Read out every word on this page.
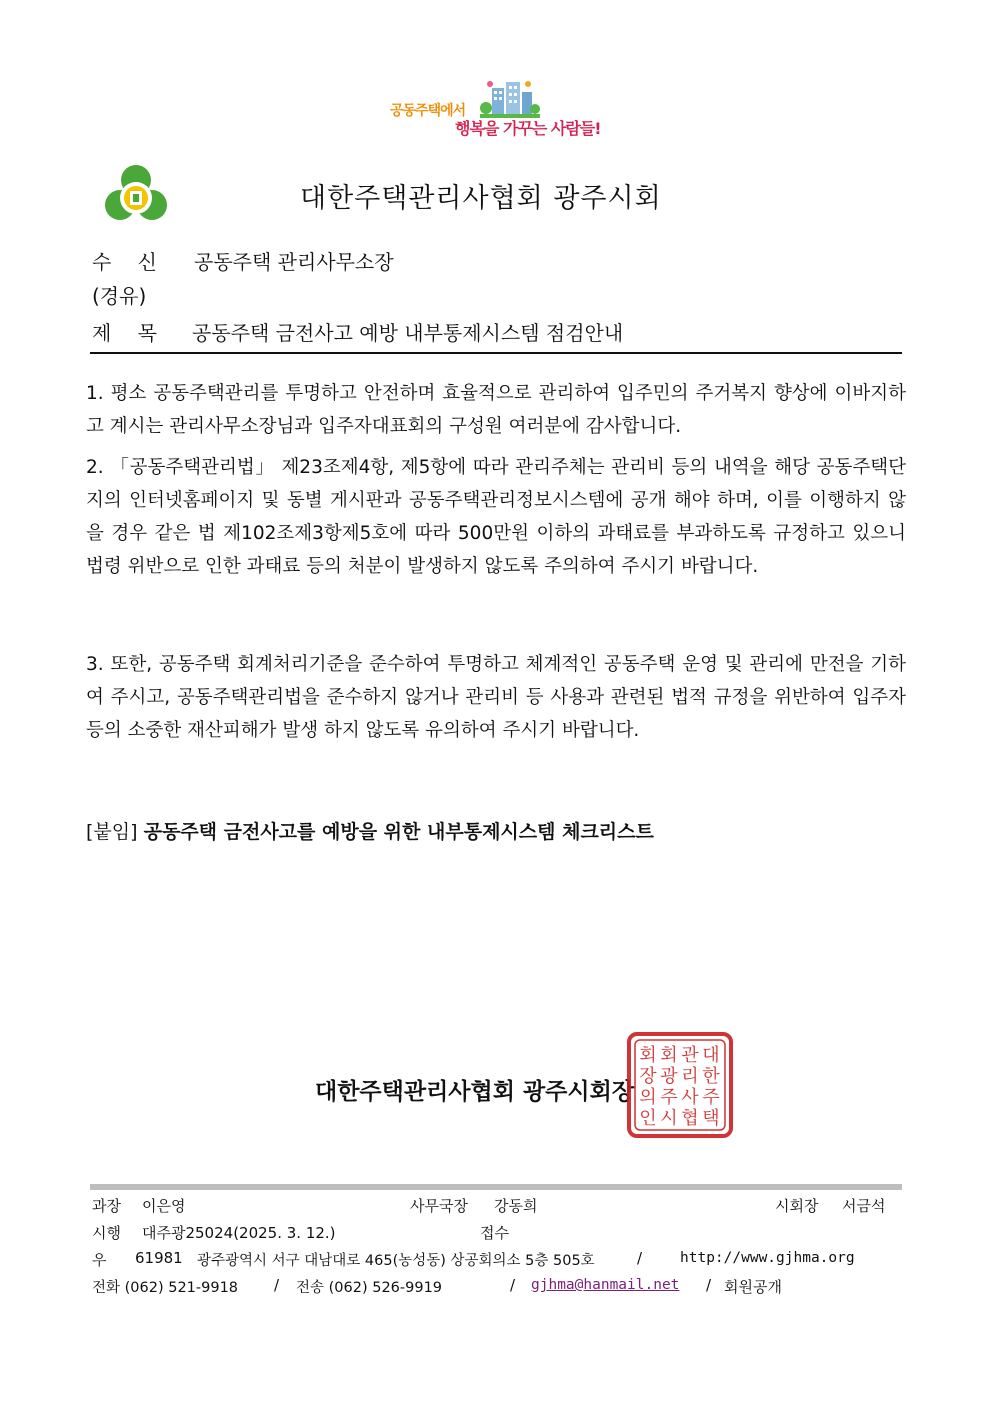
공동주택에서
행복을 가꾸는 사람들!
대한주택관리사협회 광주시회
수 신 공동주택 관리사무소장
(경유)
제 목 공동주택 금전사고 예방 내부통제시스템 점검안내
1. 평소 공동주택관리를 투명하고 안전하며 효율적으로 관리하여 입주민의 주거복지 향상에 이바지하고 계시는 관리사무소장님과 입주자대표회의 구성원 여러분에 감사합니다.
2. 「공동주택관리법」 제23조제4항, 제5항에 따라 관리주체는 관리비 등의 내역을 해당 공동주택단지의 인터넷홈페이지 및 동별 게시판과 공동주택관리정보시스템에 공개 해야 하며, 이를 이행하지 않을 경우 같은 법 제102조제3항제5호에 따라 500만원 이하의 과태료를 부과하도록 규정하고 있으니 법령 위반으로 인한 과태료 등의 처분이 발생하지 않도록 주의하여 주시기 바랍니다.
3. 또한, 공동주택 회계처리기준을 준수하여 투명하고 체계적인 공동주택 운영 및 관리에 만전을 기하여 주시고, 공동주택관리법을 준수하지 않거나 관리비 등 사용과 관련된 법적 규정을 위반하여 입주자등의 소중한 재산피해가 발생 하지 않도록 유의하여 주시기 바랍니다.
[붙임] 공동주택 금전사고를 예방을 위한 내부통제시스템 체크리스트
대한주택관리사협회 광주시회장
대
한
주
택
관
리
사
협
회
광
주
시
회
장
의
인
과장 이은영	사무국장 강동희	시회장 서금석
시행 대주광25024(2025. 3. 12.)	접수
우 61981 광주광역시 서구 대남대로 465(농성동) 상공회의소 5층 505호	/	http://www.gjhma.org
전화 (062) 521-9918 / 전송 (062) 526-9919	/ gjhma@hanmail.net / 회원공개
